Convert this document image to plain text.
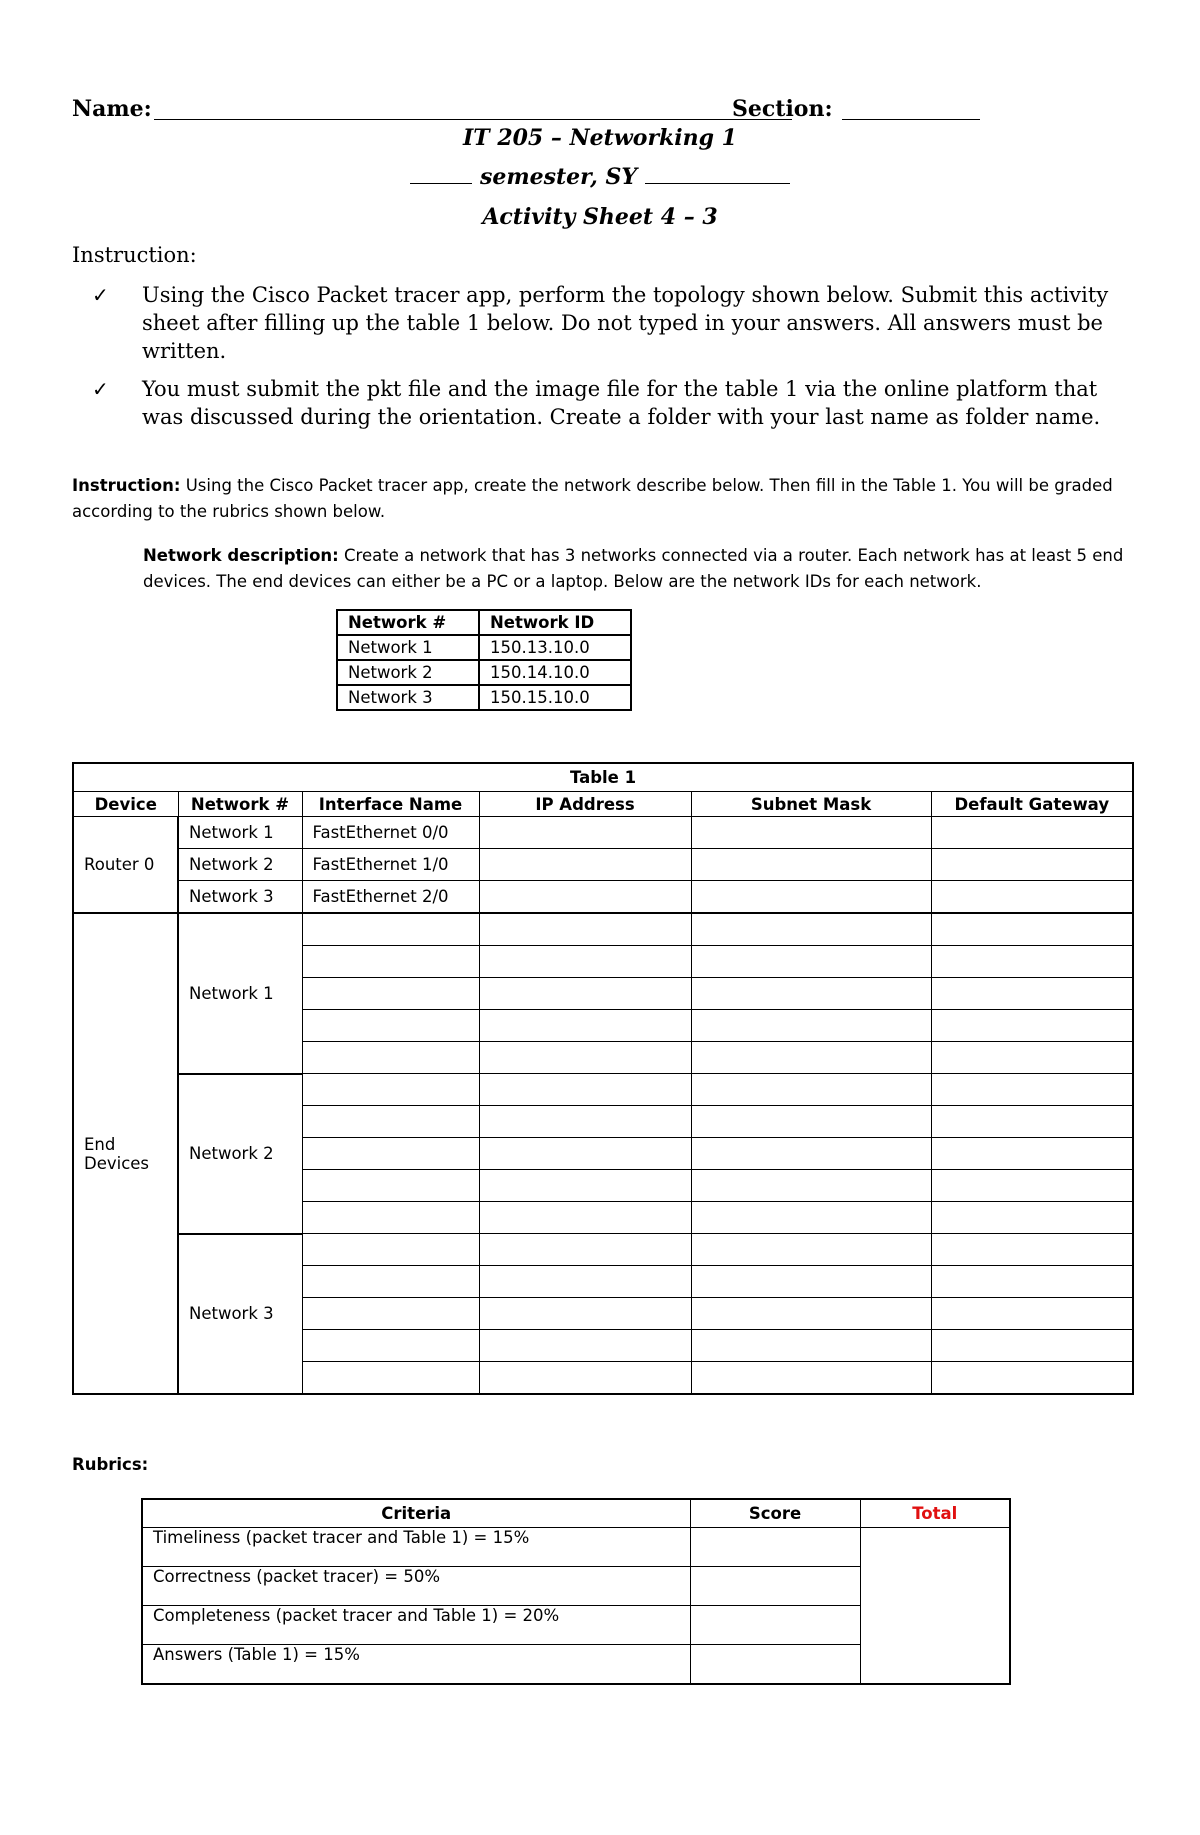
Name:	Section:
IT 205 – Networking 1
semester, SY
Activity Sheet 4 – 3
Instruction:
✓ Using the Cisco Packet tracer app, perform the topology shown below. Submit this activity sheet after filling up the table 1 below. Do not typed in your answers. All answers must be written.
✓ You must submit the pkt file and the image file for the table 1 via the online platform that was discussed during the orientation. Create a folder with your last name as folder name.
Instruction: Using the Cisco Packet tracer app, create the network describe below. Then fill in the Table 1. You will be graded according to the rubrics shown below.
Network description: Create a network that has 3 networks connected via a router. Each network has at least 5 end devices. The end devices can either be a PC or a laptop. Below are the network IDs for each network.
Network #	Network ID
Network 1	150.13.10.0
Network 2	150.14.10.0
Network 3	150.15.10.0
Table 1					
Device	Network #	Interface Name	IP Address	Subnet Mask	Default Gateway
Router 0	Network 1	FastEthernet 0/0			
	Network 2	FastEthernet 1/0			
	Network 3	FastEthernet 2/0			
End Devices	Network 1				

	Network 2				

	Network 3				

Rubrics:
Criteria	Score	Total
Timeliness (packet tracer and Table 1) = 15%		
Correctness (packet tracer) = 50%		
Completeness (packet tracer and Table 1) = 20%		
Answers (Table 1) = 15%		
